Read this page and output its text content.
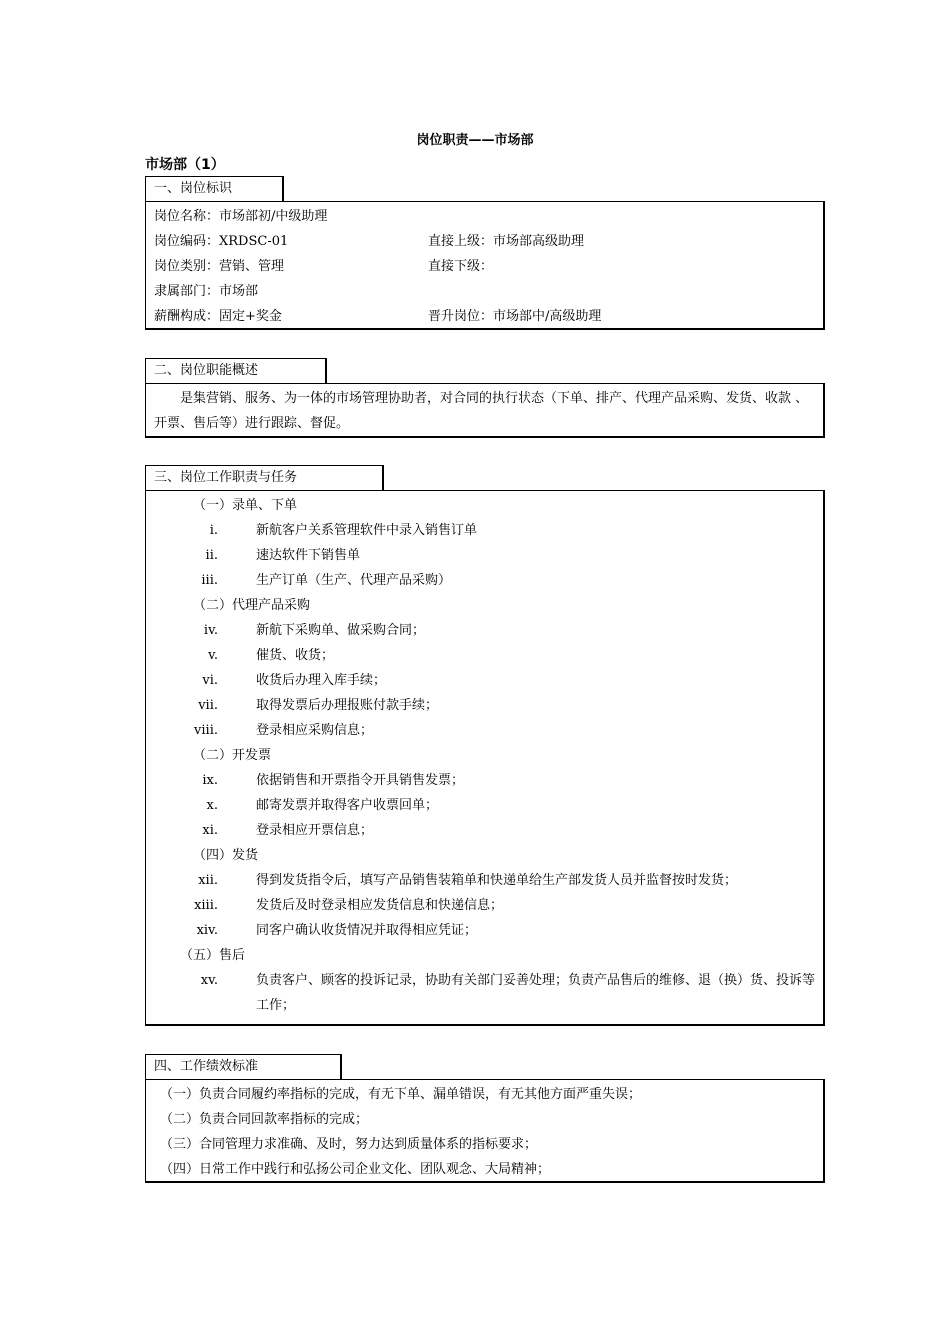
岗位职责——市场部
市场部（1）
一、岗位标识
岗位名称：市场部初/中级助理
岗位编码：XRDSC-01	直接上级：市场部高级助理
岗位类别：营销、管理	直接下级：
隶属部门：市场部
薪酬构成：固定+奖金	晋升岗位：市场部中/高级助理
二、岗位职能概述
是集营销、服务、为一体的市场管理协助者，对合同的执行状态（下单、排产、代理产品采购、发货、收款 、开票、售后等）进行跟踪、督促。
三、岗位工作职责与任务
（一）录单、下单
i.	新航客户关系管理软件中录入销售订单
ii.	速达软件下销售单
iii.	生产订单（生产、代理产品采购）
（二）代理产品采购
iv.	新航下采购单、做采购合同；
v.	催货、收货；
vi.	收货后办理入库手续；
vii.	取得发票后办理报账付款手续；
viii.	登录相应采购信息；
（二）开发票
ix.	依据销售和开票指令开具销售发票；
x.	邮寄发票并取得客户收票回单；
xi.	登录相应开票信息；
（四）发货
xii.	得到发货指令后，填写产品销售装箱单和快递单给生产部发货人员并监督按时发货；
xiii.	发货后及时登录相应发货信息和快递信息；
xiv.	同客户确认收货情况并取得相应凭证；
（五）售后
xv.	负责客户、顾客的投诉记录，协助有关部门妥善处理；负责产品售后的维修、退（换）货、投诉等工作；
四、工作绩效标准
（一）负责合同履约率指标的完成，有无下单、漏单错误，有无其他方面严重失误；
（二）负责合同回款率指标的完成；
（三）合同管理力求准确、及时，努力达到质量体系的指标要求；
（四）日常工作中践行和弘扬公司企业文化、团队观念、大局精神；
